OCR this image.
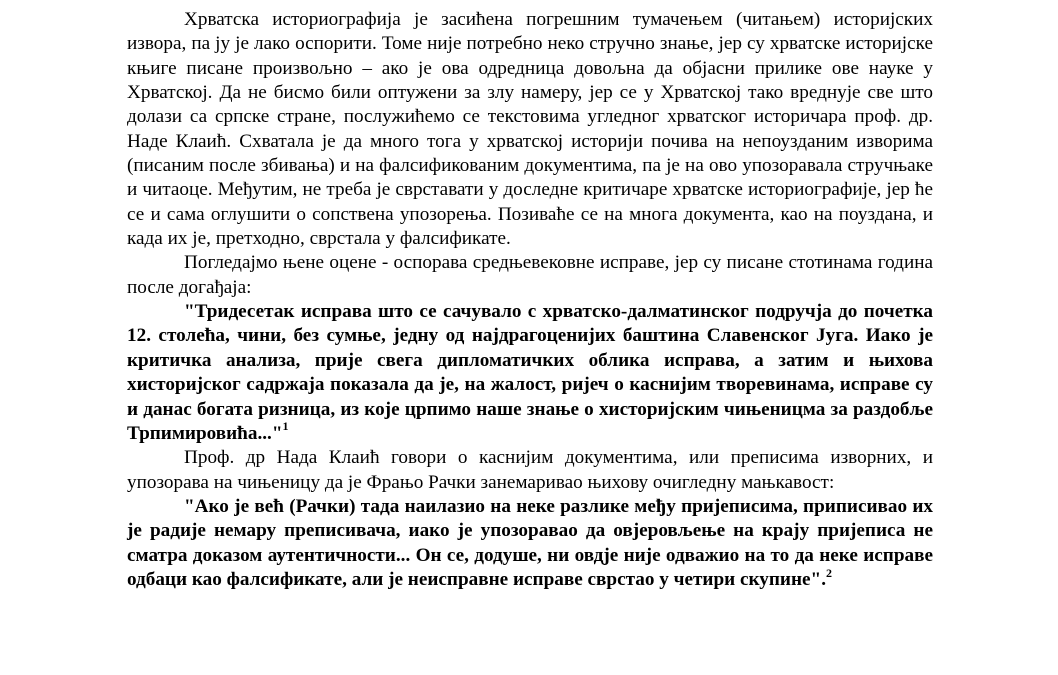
Хрватска историографија је засићена погрешним тумачењем (читањем) историјских извора, па ју је лако оспорити. Томе није потребно неко стручно знање, јер су хрватске историјске књиге писане произвољно – ако је ова одредница довољна да објасни прилике ове науке у Хрватској. Да не бисмо били оптужени за злу намеру, јер се у Хрватској тако вреднује све што долази са српске стране, послужићемо се текстовима угледног хрватског историчара проф. др. Наде Клаић. Схватала је да много тога у хрватској историји почива на непоузданим изворима (писаним после збивања) и на фалсификованим документима, па је на ово упозоравала стручњаке и читаоце. Међутим, не треба је сврставати у доследне критичаре хрватске историографије, јер ће се и сама оглушити о сопствена упозорења. Позиваће се на многа документа, као на поуздана, и када их је, претходно, сврстала у фалсификате.

Погледајмо њене оцене - оспорава средњевековне исправе, јер су писане стотинама година после догађаја:

"Тридесетак исправа што се сачувало с хрватско-далматинског подручја до почетка 12. столећа, чини, без сумње, једну од најдрагоценијих баштина Славенског Југа. Иако је критичка анализа, прије свега дипломатичких облика исправа, а затим и њихова хисторијског садржаја показала да је, на жалост, ријеч о каснијим творевинама, исправе су и данас богата ризница, из које црпимо наше знање о хисторијским чињеницма за раздобље Трпимировића..."$^1$

Проф. др Нада Клаић говори о каснијим документима, или преписима изворних, и упозорава на чињеницу да је Фрањо Рачки занемаривао њихову очигледну мањкавост:

"Ако је већ (Рачки) тада наилазио на неке разлике међу пријеписима, приписивао их је радије немару преписивача, иако је упозоравао да овјеровљење на крају пријеписа не сматра доказом аутентичности... Он се, додуше, ни овдје није одважио на то да неке исправе одбаци као фалсификате, али је неисправне исправе сврстао у четири скупине".$^2$
